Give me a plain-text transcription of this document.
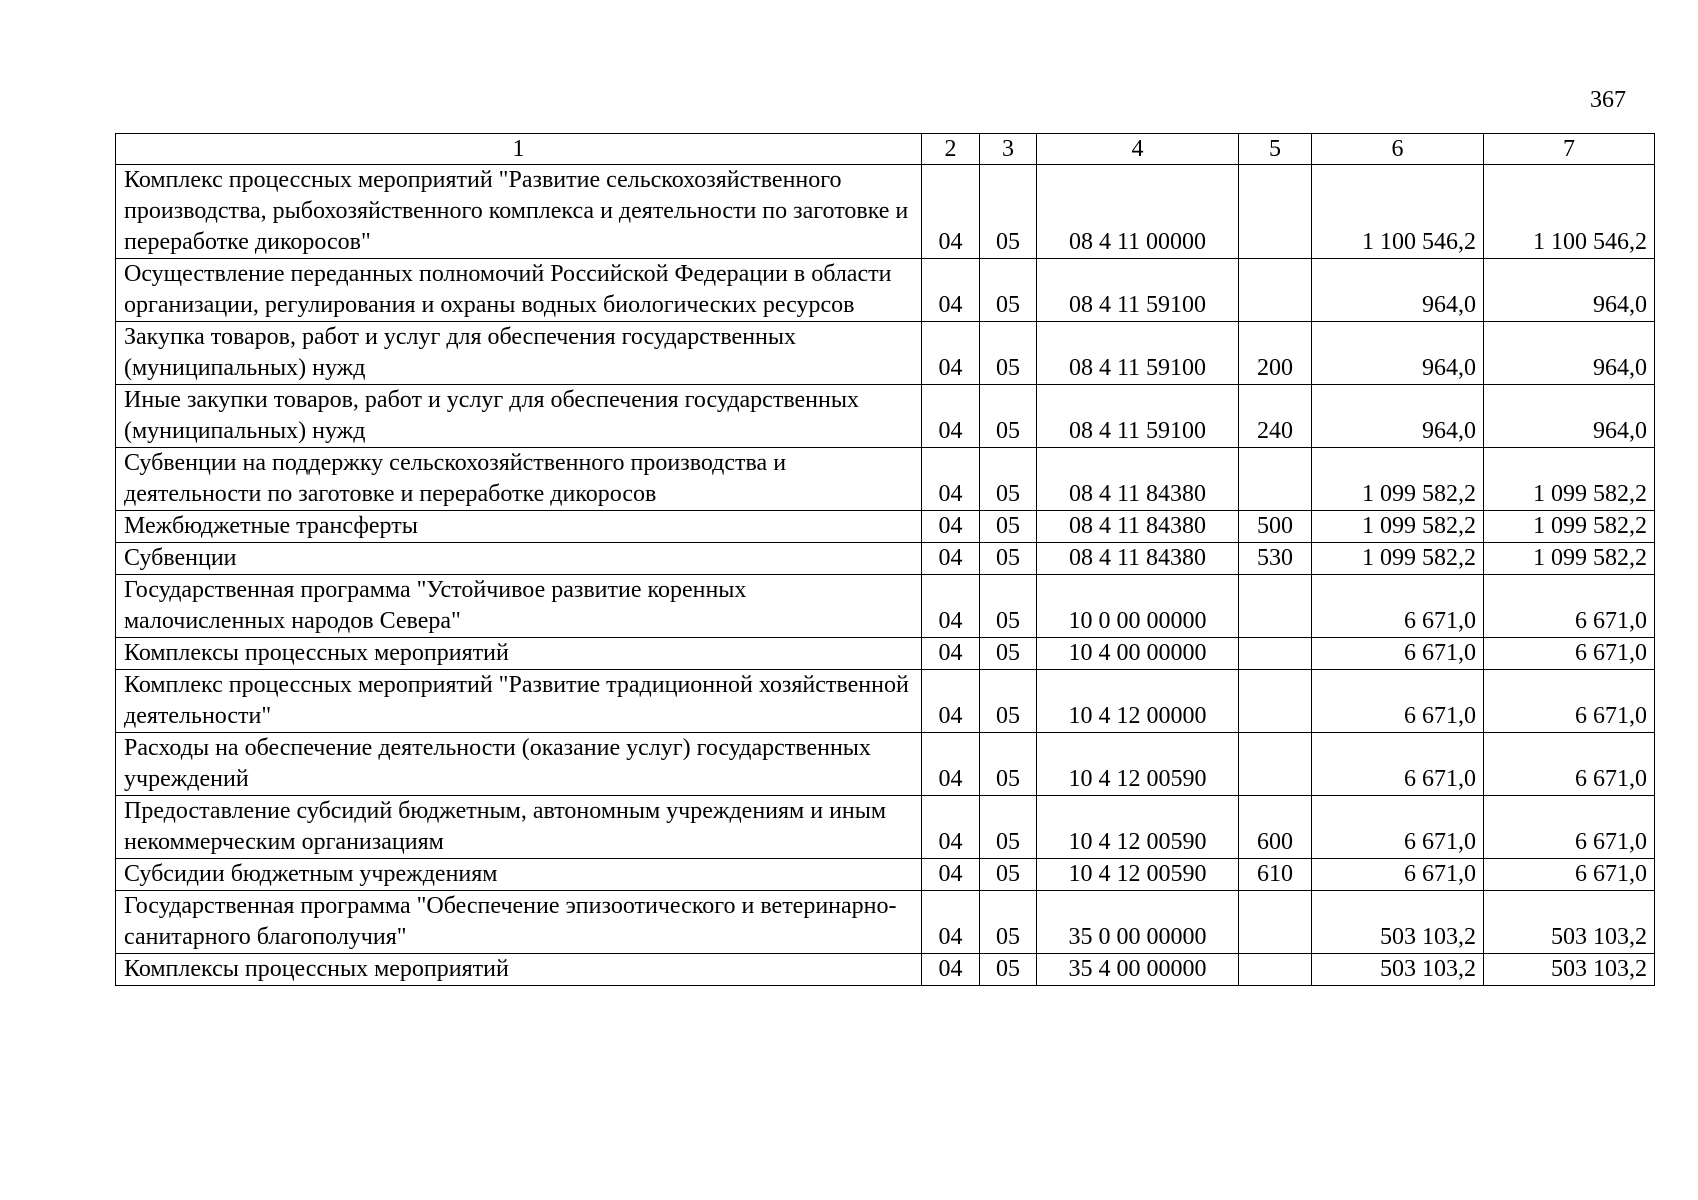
367
1	2	3	4	5	6	7
Комплекс процессных мероприятий "Развитие сельскохозяйственного производства, рыбохозяйственного комплекса и деятельности по заготовке и переработке дикоросов"	04	05	08 4 11 00000		1 100 546,2	1 100 546,2
Осуществление переданных полномочий Российской Федерации в области организации, регулирования и охраны водных биологических ресурсов	04	05	08 4 11 59100		964,0	964,0
Закупка товаров, работ и услуг для обеспечения государственных (муниципальных) нужд	04	05	08 4 11 59100	200	964,0	964,0
Иные закупки товаров, работ и услуг для обеспечения государственных (муниципальных) нужд	04	05	08 4 11 59100	240	964,0	964,0
Субвенции на поддержку сельскохозяйственного производства и деятельности по заготовке и переработке дикоросов	04	05	08 4 11 84380		1 099 582,2	1 099 582,2
Межбюджетные трансферты	04	05	08 4 11 84380	500	1 099 582,2	1 099 582,2
Субвенции	04	05	08 4 11 84380	530	1 099 582,2	1 099 582,2
Государственная программа "Устойчивое развитие коренных малочисленных народов Севера"	04	05	10 0 00 00000		6 671,0	6 671,0
Комплексы процессных мероприятий	04	05	10 4 00 00000		6 671,0	6 671,0
Комплекс процессных мероприятий "Развитие традиционной хозяйственной деятельности"	04	05	10 4 12 00000		6 671,0	6 671,0
Расходы на обеспечение деятельности (оказание услуг) государственных учреждений	04	05	10 4 12 00590		6 671,0	6 671,0
Предоставление субсидий бюджетным, автономным учреждениям и иным некоммерческим организациям	04	05	10 4 12 00590	600	6 671,0	6 671,0
Субсидии бюджетным учреждениям	04	05	10 4 12 00590	610	6 671,0	6 671,0
Государственная программа "Обеспечение эпизоотического и ветеринарно-санитарного благополучия"	04	05	35 0 00 00000		503 103,2	503 103,2
Комплексы процессных мероприятий	04	05	35 4 00 00000		503 103,2	503 103,2
